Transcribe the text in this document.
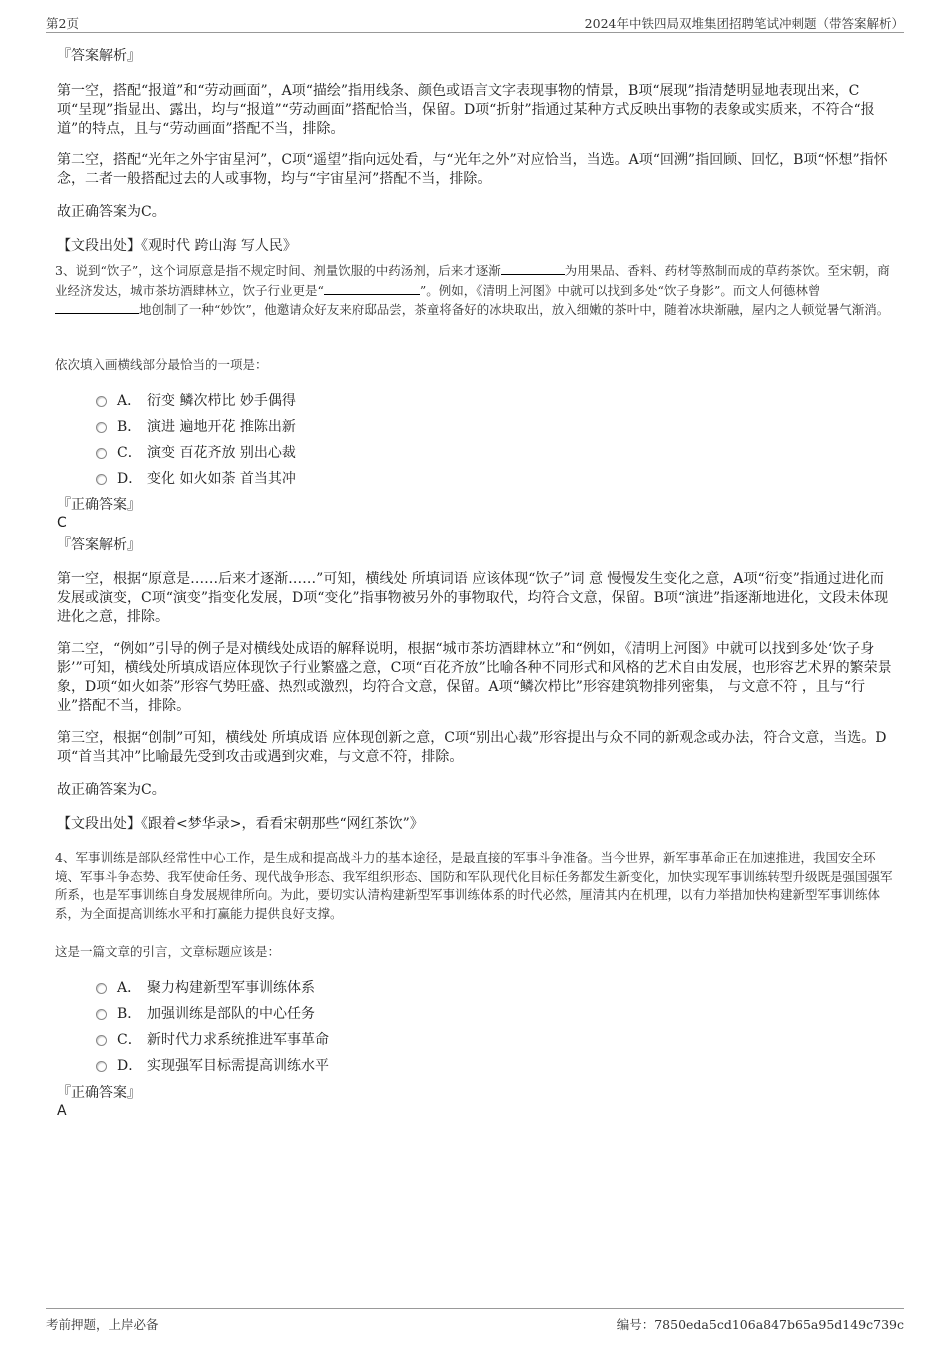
第2页	2024年中铁四局双堆集团招聘笔试冲刺题（带答案解析）
『答案解析』
第一空，搭配“报道”和“劳动画面”，A项“描绘”指用线条、颜色或语言文字表现事物的情景，B项“展现”指清楚明显地表现出来，C项“呈现”指显出、露出，均与“报道”“劳动画面”搭配恰当，保留。D项“折射”指通过某种方式反映出事物的表象或实质来，不符合“报道”的特点，且与“劳动画面”搭配不当，排除。
第二空，搭配“光年之外宇宙星河”，C项“遥望”指向远处看，与“光年之外”对应恰当，当选。A项“回溯”指回顾、回忆，B项“怀想”指怀念，二者一般搭配过去的人或事物，均与“宇宙星河”搭配不当，排除。
故正确答案为C。
【文段出处】《观时代 跨山海 写人民》
3、说到“饮子”，这个词原意是指不规定时间、剂量饮服的中药汤剂，后来才逐渐	为用果品、香料、药材等熬制而成的草药茶饮。至宋朝，商业经济发达，城市茶坊酒肆林立，饮子行业更是“	”。例如，《清明上河图》中就可以找到多处“饮子身影”。而文人何德林曾地创制了一种“妙饮”，他邀请众好友来府邸品尝，茶童将备好的冰块取出，放入细嫩的茶叶中，随着冰块渐融，屋内之人顿觉暑气渐消。
依次填入画横线部分最恰当的一项是：
A． 衍变 鳞次栉比 妙手偶得
B． 演进 遍地开花 推陈出新
C． 演变 百花齐放 别出心裁
D． 变化 如火如荼 首当其冲
『正确答案』
C
『答案解析』
第一空，根据“原意是……后来才逐渐……”可知，横线处 所填词语 应该体现“饮子”词 意 慢慢发生变化之意，A项“衍变”指通过进化而发展或演变，C项“演变”指变化发展，D项“变化”指事物被另外的事物取代，均符合文意，保留。B项“演进”指逐渐地进化，文段未体现进化之意，排除。
第二空，“例如”引导的例子是对横线处成语的解释说明，根据“城市茶坊酒肆林立”和“例如，《清明上河图》中就可以找到多处‘饮子身影’”可知，横线处所填成语应体现饮子行业繁盛之意，C项“百花齐放”比喻各种不同形式和风格的艺术自由发展，也形容艺术界的繁荣景象，D项“如火如荼”形容气势旺盛、热烈或激烈，均符合文意，保留。A项“鳞次栉比”形容建筑物排列密集， 与文意不符 ，且与“行业”搭配不当，排除。
第三空，根据“创制”可知，横线处 所填成语 应体现创新之意，C项“别出心裁”形容提出与众不同的新观念或办法，符合文意，当选。D项“首当其冲”比喻最先受到攻击或遇到灾难，与文意不符，排除。
故正确答案为C。
【文段出处】《跟着<梦华录>，看看宋朝那些“网红茶饮”》
4、军事训练是部队经常性中心工作，是生成和提高战斗力的基本途径，是最直接的军事斗争准备。当今世界，新军事革命正在加速推进，我国安全环境、军事斗争态势、我军使命任务、现代战争形态、我军组织形态、国防和军队现代化目标任务都发生新变化，加快实现军事训练转型升级既是强国强军所系，也是军事训练自身发展规律所向。为此，要切实认清构建新型军事训练体系的时代必然，厘清其内在机理，以有力举措加快构建新型军事训练体系，为全面提高训练水平和打赢能力提供良好支撑。
这是一篇文章的引言，文章标题应该是：
A． 聚力构建新型军事训练体系
B． 加强训练是部队的中心任务
C． 新时代力求系统推进军事革命
D． 实现强军目标需提高训练水平
『正确答案』
A
考前押题，上岸必备	编号：7850eda5cd106a847b65a95d149c739c
